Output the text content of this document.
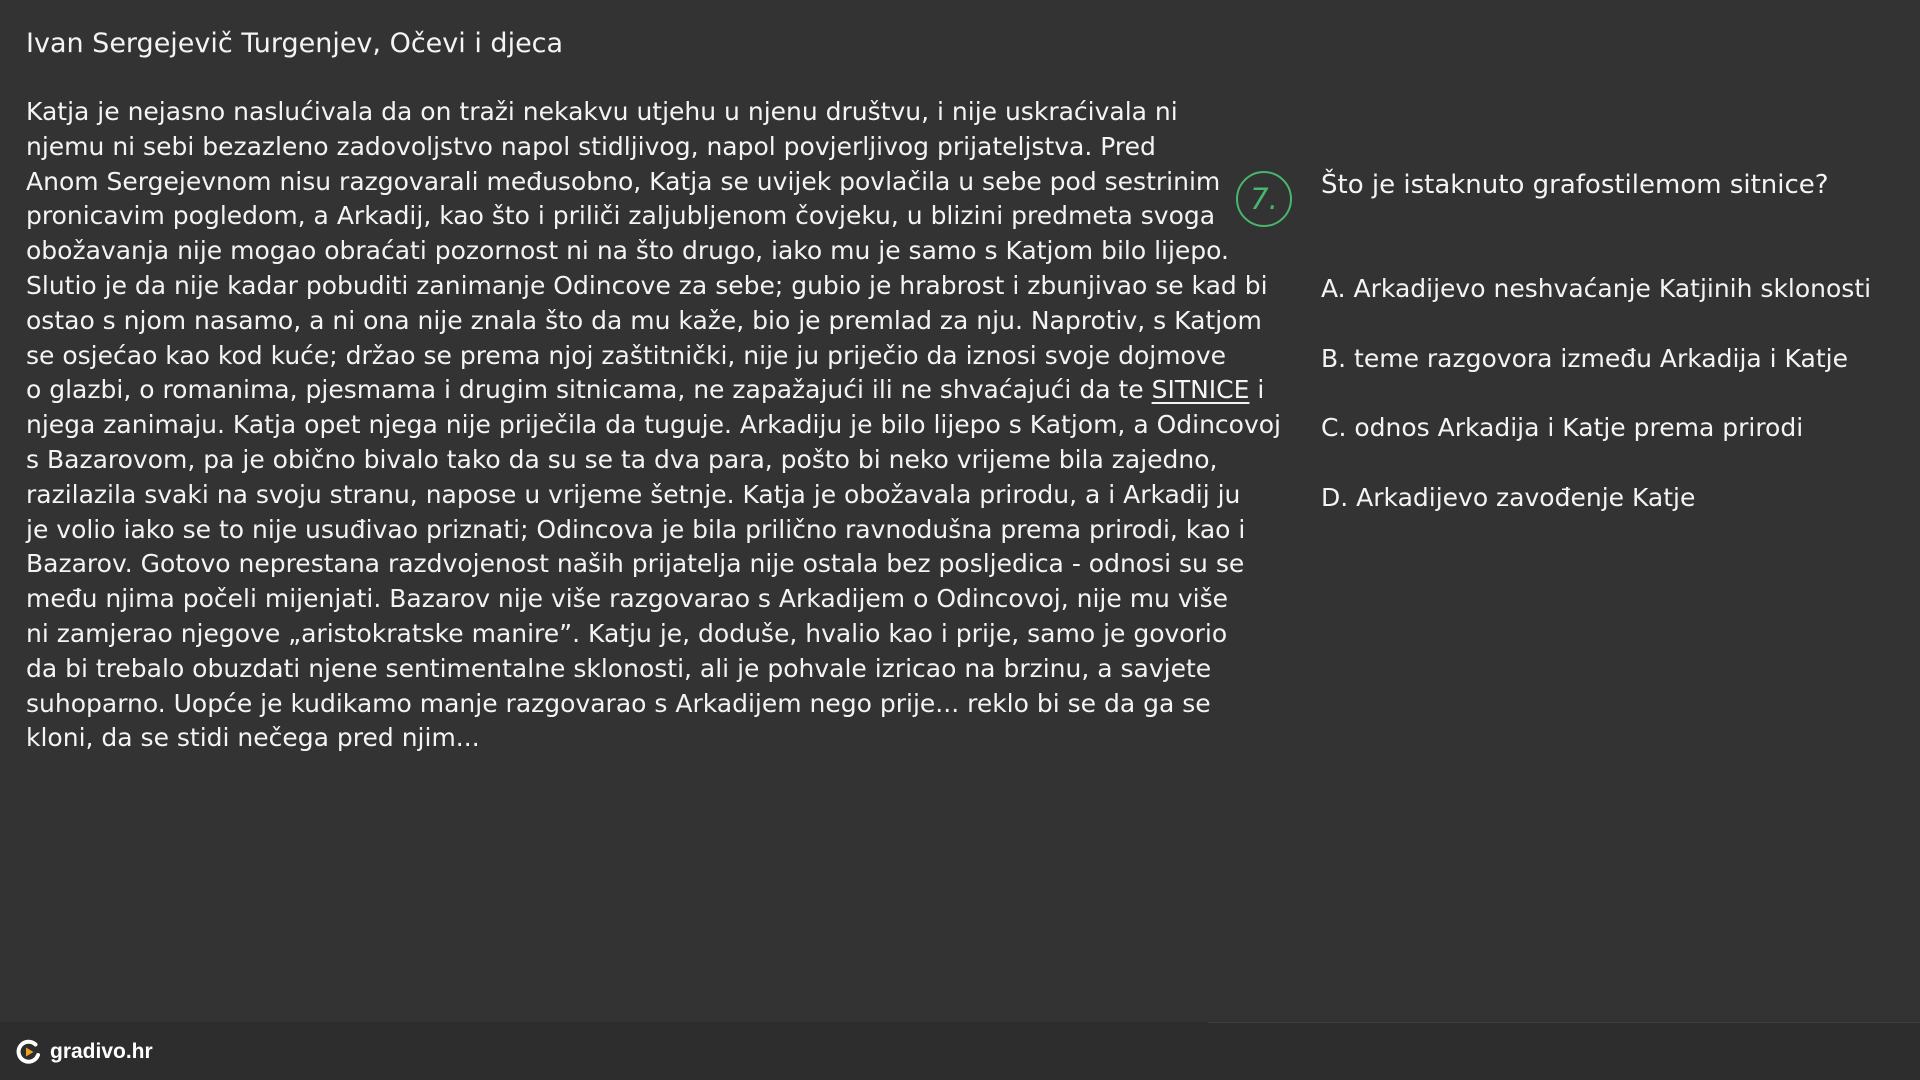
Ivan Sergejevič Turgenjev, Očevi i djeca
Katja je nejasno naslućivala da on traži nekakvu utjehu u njenu društvu, i nije uskraćivala ni
njemu ni sebi bezazleno zadovoljstvo napol stidljivog, napol povjerljivog prijateljstva. Pred
Anom Sergejevnom nisu razgovarali međusobno, Katja se uvijek povlačila u sebe pod sestrinim
pronicavim pogledom, a Arkadij, kao što i priliči zaljubljenom čovjeku, u blizini predmeta svoga
obožavanja nije mogao obraćati pozornost ni na što drugo, iako mu je samo s Katjom bilo lijepo.
Slutio je da nije kadar pobuditi zanimanje Odincove za sebe; gubio je hrabrost i zbunjivao se kad bi
ostao s njom nasamo, a ni ona nije znala što da mu kaže, bio je premlad za nju. Naprotiv, s Katjom
se osjećao kao kod kuće; držao se prema njoj zaštitnički, nije ju priječio da iznosi svoje dojmove
o glazbi, o romanima, pjesmama i drugim sitnicama, ne zapažajući ili ne shvaćajući da te SITNICE i
njega zanimaju. Katja opet njega nije priječila da tuguje. Arkadiju je bilo lijepo s Katjom, a Odincovoj
s Bazarovom, pa je obično bivalo tako da su se ta dva para, pošto bi neko vrijeme bila zajedno,
razilazila svaki na svoju stranu, napose u vrijeme šetnje. Katja je obožavala prirodu, a i Arkadij ju
je volio iako se to nije usuđivao priznati; Odincova je bila prilično ravnodušna prema prirodi, kao i
Bazarov. Gotovo neprestana razdvojenost naših prijatelja nije ostala bez posljedica - odnosi su se
među njima počeli mijenjati. Bazarov nije više razgovarao s Arkadijem o Odincovoj, nije mu više
ni zamjerao njegove „aristokratske manire”. Katju je, doduše, hvalio kao i prije, samo je govorio
da bi trebalo obuzdati njene sentimentalne sklonosti, ali je pohvale izricao na brzinu, a savjete
suhoparno. Uopće je kudikamo manje razgovarao s Arkadijem nego prije... reklo bi se da ga se
kloni, da se stidi nečega pred njim...
7.	Što je istaknuto grafostilemom sitnice?
A. Arkadijevo neshvaćanje Katjinih sklonosti
B. teme razgovora između Arkadija i Katje
C. odnos Arkadija i Katje prema prirodi
D. Arkadijevo zavođenje Katje
gradivo.hr
